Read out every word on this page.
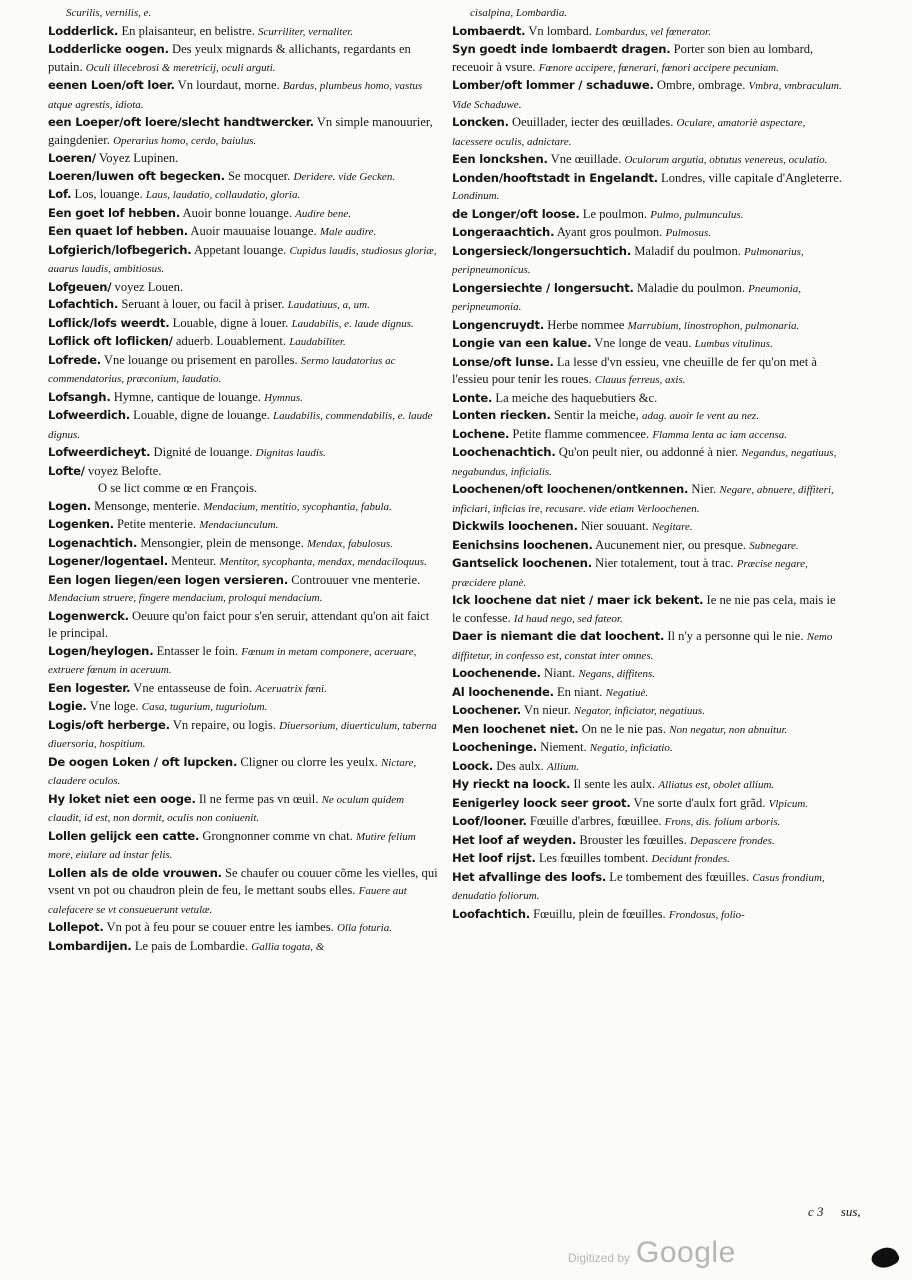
Scurilis, vernilis, e.
Lodderlick. En plaisanteur, en belistre. Scurriliter, vernaliter.
Lodderlicke oogen. Des yeulx mignards & allichants, regardants en putain. Oculi illecebrosi & meretricij, oculi arguti.
eenen Loen/oft loer. Vn lourdaut, morne. Bardus, plumbeus homo, vastus atque agrestis, idiota.
een Loeper/oft loere/slecht handtwercker. Vn simple manouurier, gaingdenier. Operarius homo, cerdo, baiulus.
Loeren/ Voyez Lupinen.
Loeren/luwen oft begecken. Se mocquer. Deridere. vide Gecken.
Lof. Los, louange. Laus, laudatio, collaudatio, gloria.
Een goet lof hebben. Auoir bonne louange. Audire bene.
Een quaet lof hebben. Auoir mauuaise louange. Male audire.
Lofgierich/lofbegerich. Appetant louange. Cupidus laudis, studiosus gloriæ, auarus laudis, ambitiosus.
Lofgeuen/ voyez Louen.
Lofachtich. Seruant à louer, ou facil à priser. Laudatiuus, a, um.
Loflick/lofs weerdt. Louable, digne à louer. Laudabilis, e. laude dignus.
Loflick oft loflicken/ aduerb. Louablement. Laudabiliter.
Lofrede. Vne louange ou prisement en parolles. Sermo laudatorius ac commendatorius, præconium, laudatio.
Lofsangh. Hymne, cantique de louange. Hymnus.
Lofweerdich. Louable, digne de louange. Laudabilis, commendabilis, e. laude dignus.
Lofweerdicheyt. Dignité de louange. Dignitas laudis.
Lofte/ voyez Belofte.
O se lict comme œ en François.
Logen. Mensonge, menterie. Mendacium, mentitio, sycophantia, fabula.
Logenken. Petite menterie. Mendaciunculum.
Logenachtich. Mensongier, plein de mensonge. Mendax, fabulosus.
Logener/logentael. Menteur. Mentitor, sycophanta, mendax, mendaciloquus.
Een logen liegen/een logen versieren. Controuuer vne menterie. Mendacium struere, fingere mendacium, proloqui mendacium.
Logenwerck. Oeuure qu'on faict pour s'en seruir, attendant qu'on ait faict le principal.
Logen/heylogen. Entasser le foin. Fœnum in metam componere, aceruare, extruere fœnum in aceruum.
Een logester. Vne entasseuse de foin. Aceruatrix fœni.
Logie. Vne loge. Casa, tugurium, tuguriolum.
Logis/oft herberge. Vn repaire, ou logis. Diuersorium, diuerticulum, taberna diuersoria, hospitium.
De oogen Loken / oft lupcken. Cligner ou clorre les yeulx. Nictare, claudere oculos.
Hy loket niet een ooge. Il ne ferme pas vn œuil. Ne oculum quidem claudit, id est, non dormit, oculis non coniuenit.
Lollen gelijck een catte. Grongnonner comme vn chat. Mutire felium more, eiulare ad instar felis.
Lollen als de olde vrouwen. Se chaufer ou couuer cõme les vielles, qui vsent vn pot ou chaudron plein de feu, le mettant soubs elles. Fauere aut calefacere se vt consueuerunt vetulæ.
Lollepot. Vn pot à feu pour se couuer entre les iambes. Olla foturia.
Lombardijen. Le pais de Lombardie. Gallia togata, &
cisalpina, Lombardia.
Lombaerdt. Vn lombard. Lombardus, vel fœnerator.
Syn goedt inde lombaerdt dragen. Porter son bien au lombard, receuoir à vsure. Fœnore accipere, fœnerari, fœnori accipere pecuniam.
Lomber/oft lommer / schaduwe. Ombre, ombrage. Vmbra, vmbraculum. Vide Schaduwe.
Loncken. Oeuillader, iecter des œuillades. Oculare, amatoriè aspectare, lacessere oculis, adnictare.
Een lonckshen. Vne œuillade. Oculorum argutia, obtutus venereus, oculatio.
Londen/hooftstadt in Engelandt. Londres, ville capitale d'Angleterre. Londinum.
de Longer/oft loose. Le poulmon. Pulmo, pulmunculus.
Longeraachtich. Ayant gros poulmon. Pulmosus.
Longersieck/longersuchtich. Maladif du poulmon. Pulmonarius, peripneumonicus.
Longersiechte / longersucht. Maladie du poulmon. Pneumonia, peripneumonia.
Longencruydt. Herbe nommee Marrubium, linostrophon, pulmonaria.
Longie van een kalue. Vne longe de veau. Lumbus vitulinus.
Lonse/oft lunse. La lesse d'vn essieu, vne cheuille de fer qu'on met à l'essieu pour tenir les roues. Clauus ferreus, axis.
Lonte. La meiche des haquebutiers &c.
Lonten riecken. Sentir la meiche, adag. auoir le vent au nez.
Lochene. Petite flamme commencee. Flamma lenta ac iam accensa.
Loochenachtich. Qu'on peult nier, ou addonné à nier. Negandus, negatiuus, negabundus, inficialis.
Loochenen/oft loochenen/ontkennen. Nier. Negare, abnuere, diffiteri, inficiari, inficias ire, recusare. vide etiam Verloochenen.
Dickwils loochenen. Nier souuant. Negitare.
Eenichsins loochenen. Aucunement nier, ou presque. Subnegare.
Gantselick loochenen. Nier totalement, tout à trac. Præcise negare, præcidere planè.
Ick loochene dat niet / maer ick bekent. Ie ne nie pas cela, mais ie le confesse. Id haud nego, sed fateor.
Daer is niemant die dat loochent. Il n'y a personne qui le nie. Nemo diffitetur, in confesso est, constat inter omnes.
Loochenende. Niant. Negans, diffitens.
Al loochenende. En niant. Negatiuè.
Loochener. Vn nieur. Negator, inficiator, negatiuus.
Men loochenet niet. On ne le nie pas. Non negatur, non abnuitur.
Loocheninge. Niement. Negatio, inficiatio.
Loock. Des aulx. Allium.
Hy rieckt na loock. Il sente les aulx. Alliatus est, obolet allium.
Eenigerley loock seer groot. Vne sorte d'aulx fort grãd. Vlpicum.
Loof/looner. Fœuille d'arbres, fœuillee. Frons, dis. folium arboris.
Het loof af weyden. Brouster les fœuilles. Depascere frondes.
Het loof rijst. Les fœuilles tombent. Decidunt frondes.
Het afvallinge des loofs. Le tombement des fœuilles. Casus frondium, denudatio foliorum.
Loofachtich. Fœuillu, plein de fœuilles. Frondosus, folio-
c 3 sus,
Digitized by Google
